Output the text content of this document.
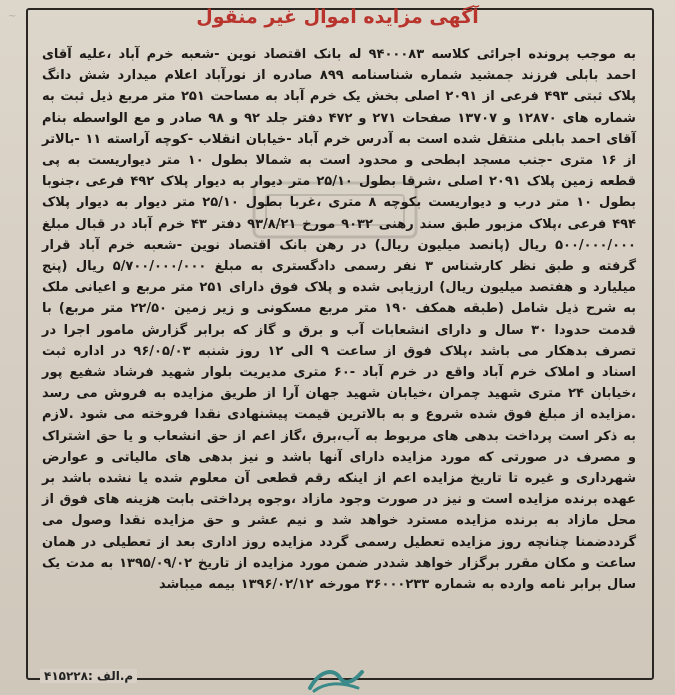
~	آگهی مزایده اموال غیر منقول
به موجب پرونده اجرائی کلاسه ۹۴۰۰۰۸۳ له بانک اقتصاد نوین -شعبه خرم آباد ،علیه آقای احمد بابلی فرزند جمشید شماره شناسنامه ۸۹۹ صادره از نورآباد اعلام میدارد شش دانگ پلاک ثبتی ۴۹۳ فرعی از ۲۰۹۱ اصلی بخش یک خرم آباد به مساحت ۲۵۱ متر مربع ذیل ثبت به شماره های ۱۲۸۷۰ و ۱۳۷۰۷ صفحات ۲۷۱ و ۴۷۲ دفتر جلد ۹۲ و ۹۸ صادر و مع الواسطه بنام آقای احمد بابلی منتقل شده است به آدرس خرم آباد -خیابان انقلاب -کوچه آراسته ۱۱ -بالاتر از ۱۶ متری -جنب مسجد ابطحی و محدود است به شمالا بطول ۱۰ متر دیواریست به پی قطعه زمین پلاک ۲۰۹۱ اصلی ،شرقا بطول ۲۵/۱۰ متر دیوار به دیوار پلاک ۴۹۲ فرعی ،جنوبا بطول ۱۰ متر درب و دیواریست بکوچه ۸ متری ،غربا بطول ۲۵/۱۰ متر دیوار به دیوار پلاک ۴۹۴ فرعی ،پلاک مزبور طبق سند رهنی ۹۰۳۲ مورخ ۹۳/۸/۲۱ دفتر ۴۳ خرم آباد در قبال مبلغ ۵۰۰/۰۰۰/۰۰۰ ریال (پانصد میلیون ریال) در رهن بانک اقتصاد نوین -شعبه خرم آباد قرار گرفته و طبق نظر کارشناس ۳ نفر رسمی دادگستری به مبلغ ۵/۷۰۰/۰۰۰/۰۰۰ ریال (پنج میلیارد و هفتصد میلیون ریال) ارزیابی شده و پلاک فوق دارای ۲۵۱ متر مربع و اعیانی ملک به شرح ذیل شامل (طبقه همکف ۱۹۰ متر مربع مسکونی و زیر زمین ۲۲/۵۰ متر مربع) با قدمت حدودا ۳۰ سال و دارای انشعابات آب و برق و گاز که برابر گزارش مامور اجرا در تصرف بدهکار می باشد ،پلاک فوق از ساعت ۹ الی ۱۲ روز شنبه ۹۶/۰۵/۰۳ در اداره ثبت اسناد و املاک خرم آباد واقع در خرم آباد -۶۰ متری مدیریت بلوار شهید فرشاد شفیع پور ،خیابان ۲۴ متری شهید چمران ،خیابان شهید جهان آرا از طریق مزایده به فروش می رسد .مزایده از مبلغ فوق شده شروع و به بالاترین قیمت پیشنهادی نقدا فروخته می شود .لازم به ذکر است پرداخت بدهی های مربوط به آب،برق ،گاز اعم از حق انشعاب و یا حق اشتراک و مصرف در صورتی که مورد مزایده دارای آنها باشد و نیز بدهی های مالیاتی و عوارض شهرداری و غیره تا تاریخ مزایده اعم از اینکه رقم قطعی آن معلوم شده یا نشده باشد بر عهده برنده مزایده است و نیز در صورت وجود مازاد ،وجوه پرداختی بابت هزینه های فوق از محل مازاد به برنده مزایده مسترد خواهد شد و نیم عشر و حق مزایده نقدا وصول می گرددضمنا چنانچه روز مزایده تعطیل رسمی گردد مزایده روز اداری بعد از تعطیلی در همان ساعت و مکان مقرر برگزار خواهد شددر ضمن مورد مزایده از تاریخ ۱۳۹۵/۰۹/۰۲ به مدت یک سال برابر نامه وارده به شماره ۳۶۰۰۰۲۳۳ مورخه ۱۳۹۶/۰۲/۱۲ بیمه میباشد
م.الف :۴۱۵۲۲۸
